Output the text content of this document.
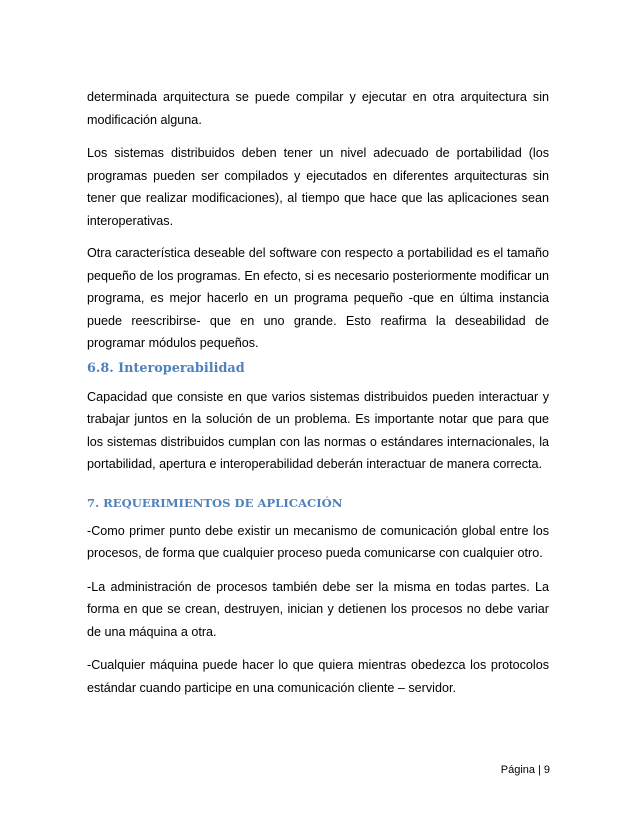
determinada arquitectura se puede compilar y ejecutar en otra arquitectura sin modificación alguna.

Los sistemas distribuidos deben tener un nivel adecuado de portabilidad (los programas pueden ser compilados y ejecutados en diferentes arquitecturas sin tener que realizar modificaciones), al tiempo que hace que las aplicaciones sean interoperativas.

Otra característica deseable del software con respecto a portabilidad es el tamaño pequeño de los programas. En efecto, si es necesario posteriormente modificar un programa, es mejor hacerlo en un programa pequeño -que en última instancia puede reescribirse- que en uno grande. Esto reafirma la deseabilidad de programar módulos pequeños.

6.8. Interoperabilidad

Capacidad que consiste en que varios sistemas distribuidos pueden interactuar y trabajar juntos en la solución de un problema. Es importante notar que para que los sistemas distribuidos cumplan con las normas o estándares internacionales, la portabilidad, apertura e interoperabilidad deberán interactuar de manera correcta.

7. REQUERIMIENTOS DE APLICACIÓN

-Como primer punto debe existir un mecanismo de comunicación global entre los procesos, de forma que cualquier proceso pueda comunicarse con cualquier otro.

-La administración de procesos también debe ser la misma en todas partes. La forma en que se crean, destruyen, inician y detienen los procesos no debe variar de una máquina a otra.

-Cualquier máquina puede hacer lo que quiera mientras obedezca los protocolos estándar cuando participe en una comunicación cliente – servidor.

Página | 9
